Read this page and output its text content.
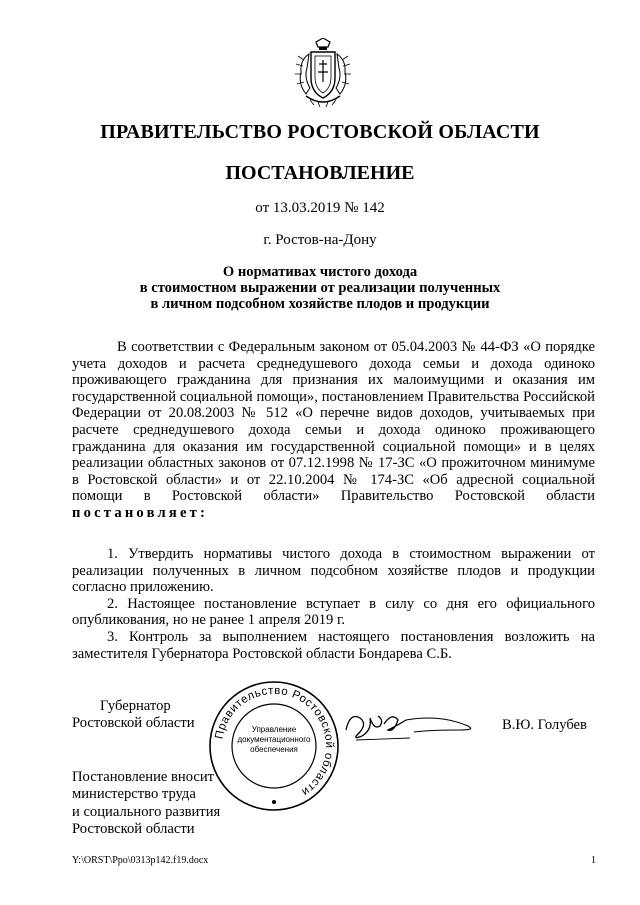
ПРАВИТЕЛЬСТВО РОСТОВСКОЙ ОБЛАСТИ
ПОСТАНОВЛЕНИЕ
от 13.03.2019 № 142
г. Ростов-на-Дону
О нормативах чистого дохода
в стоимостном выражении от реализации полученных
в личном подсобном хозяйстве плодов и продукции
В соответствии с Федеральным законом от 05.04.2003 № 44-ФЗ «О порядке учета доходов и расчета среднедушевого дохода семьи и дохода одиноко проживающего гражданина для признания их малоимущими и оказания им государственной социальной помощи», постановлением Правительства Российской Федерации от 20.08.2003 № 512 «О перечне видов доходов, учитываемых при расчете среднедушевого дохода семьи и дохода одиноко проживающего гражданина для оказания им государственной социальной помощи» и в целях реализации областных законов от 07.12.1998 № 17-ЗС «О прожиточном минимуме в Ростовской области» и от 22.10.2004 № 174-ЗС «Об адресной социальной помощи в Ростовской области» Правительство Ростовской области постановляет:

1. Утвердить нормативы чистого дохода в стоимостном выражении от реализации полученных в личном подсобном хозяйстве плодов и продукции согласно приложению.

2. Настоящее постановление вступает в силу со дня его официального опубликования, но не ранее 1 апреля 2019 г.

3. Контроль за выполнением настоящего постановления возложить на заместителя Губернатора Ростовской области Бондарева С.Б.

Губернатор
Ростовской области
Правительство Ростовской области
Управление
документационного
обеспечения
В.Ю. Голубев
Постановление вносит
министерство труда
и социального развития
Ростовской области
Y:\ORST\Ppo\0313p142.f19.docx	1
